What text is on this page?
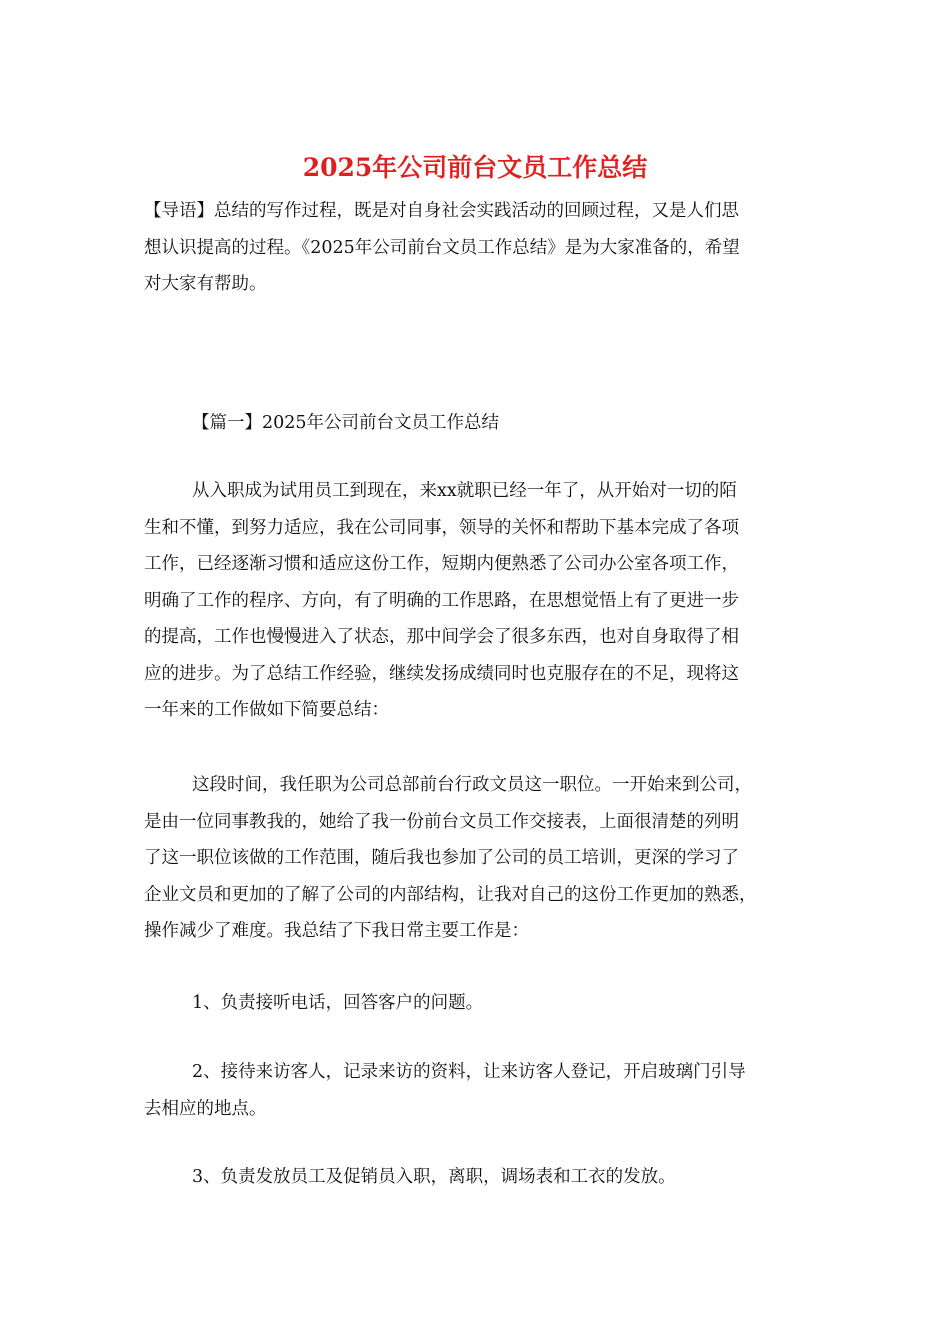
2025年公司前台文员工作总结
【导语】总结的写作过程，既是对自身社会实践活动的回顾过程，又是人们思
想认识提高的过程。《2025年公司前台文员工作总结》是为大家准备的，希望
对大家有帮助。
【篇一】2025年公司前台文员工作总结
从入职成为试用员工到现在，来xx就职已经一年了，从开始对一切的陌
生和不懂，到努力适应，我在公司同事，领导的关怀和帮助下基本完成了各项
工作，已经逐渐习惯和适应这份工作，短期内便熟悉了公司办公室各项工作，
明确了工作的程序、方向，有了明确的工作思路，在思想觉悟上有了更进一步
的提高，工作也慢慢进入了状态，那中间学会了很多东西，也对自身取得了相
应的进步。为了总结工作经验，继续发扬成绩同时也克服存在的不足，现将这
一年来的工作做如下简要总结：
这段时间，我任职为公司总部前台行政文员这一职位。一开始来到公司，
是由一位同事教我的，她给了我一份前台文员工作交接表，上面很清楚的列明
了这一职位该做的工作范围，随后我也参加了公司的员工培训，更深的学习了
企业文员和更加的了解了公司的内部结构，让我对自己的这份工作更加的熟悉，
操作减少了难度。我总结了下我日常主要工作是：
1、负责接听电话，回答客户的问题。
2、接待来访客人，记录来访的资料，让来访客人登记，开启玻璃门引导
去相应的地点。
3、负责发放员工及促销员入职，离职，调场表和工衣的发放。
